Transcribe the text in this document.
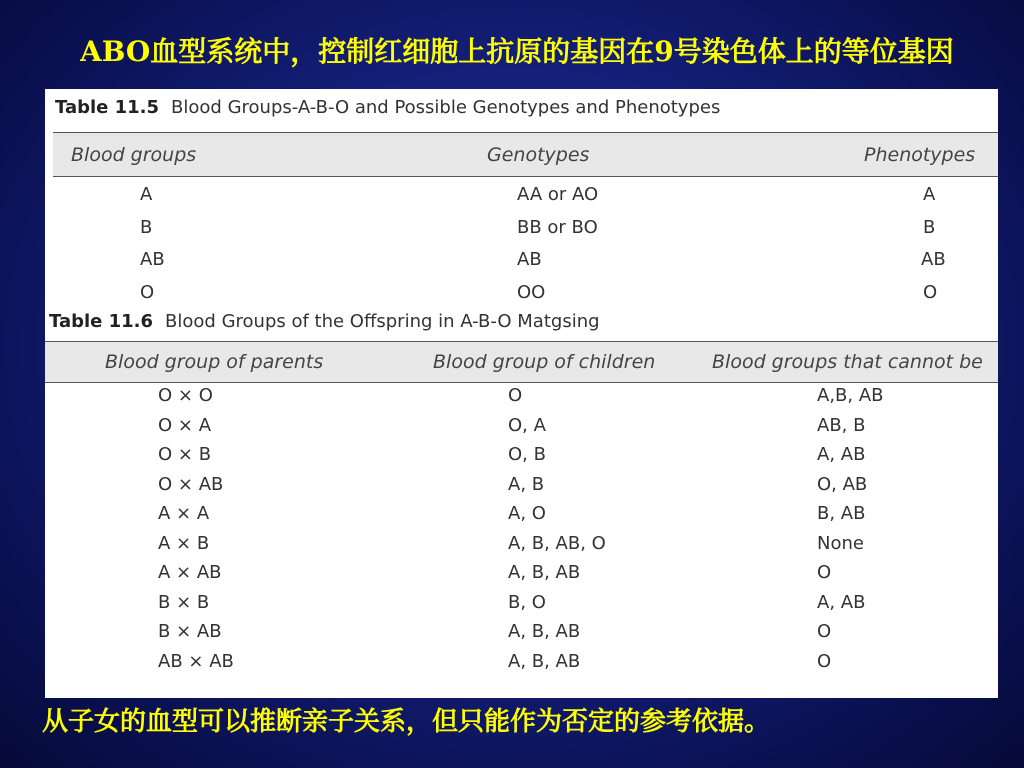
ABO血型系统中，控制红细胞上抗原的基因在9号染色体上的等位基因
Table 11.5 Blood Groups-A-B-O and Possible Genotypes and Phenotypes
Blood groups	Genotypes	Phenotypes
A	AA or AO	A
B	BB or BO	B
AB	AB	AB
O	OO	O
Table 11.6 Blood Groups of the Offspring in A-B-O Matgsing
Blood group of parents	Blood group of children	Blood groups that cannot be
O × O	O	A,B, AB
O × A	O, A	AB, B
O × B	O, B	A, AB
O × AB	A, B	O, AB
A × A	A, O	B, AB
A × B	A, B, AB, O	None
A × AB	A, B, AB	O
B × B	B, O	A, AB
B × AB	A, B, AB	O
AB × AB	A, B, AB	O

从子女的血型可以推断亲子关系，但只能作为否定的参考依据。
